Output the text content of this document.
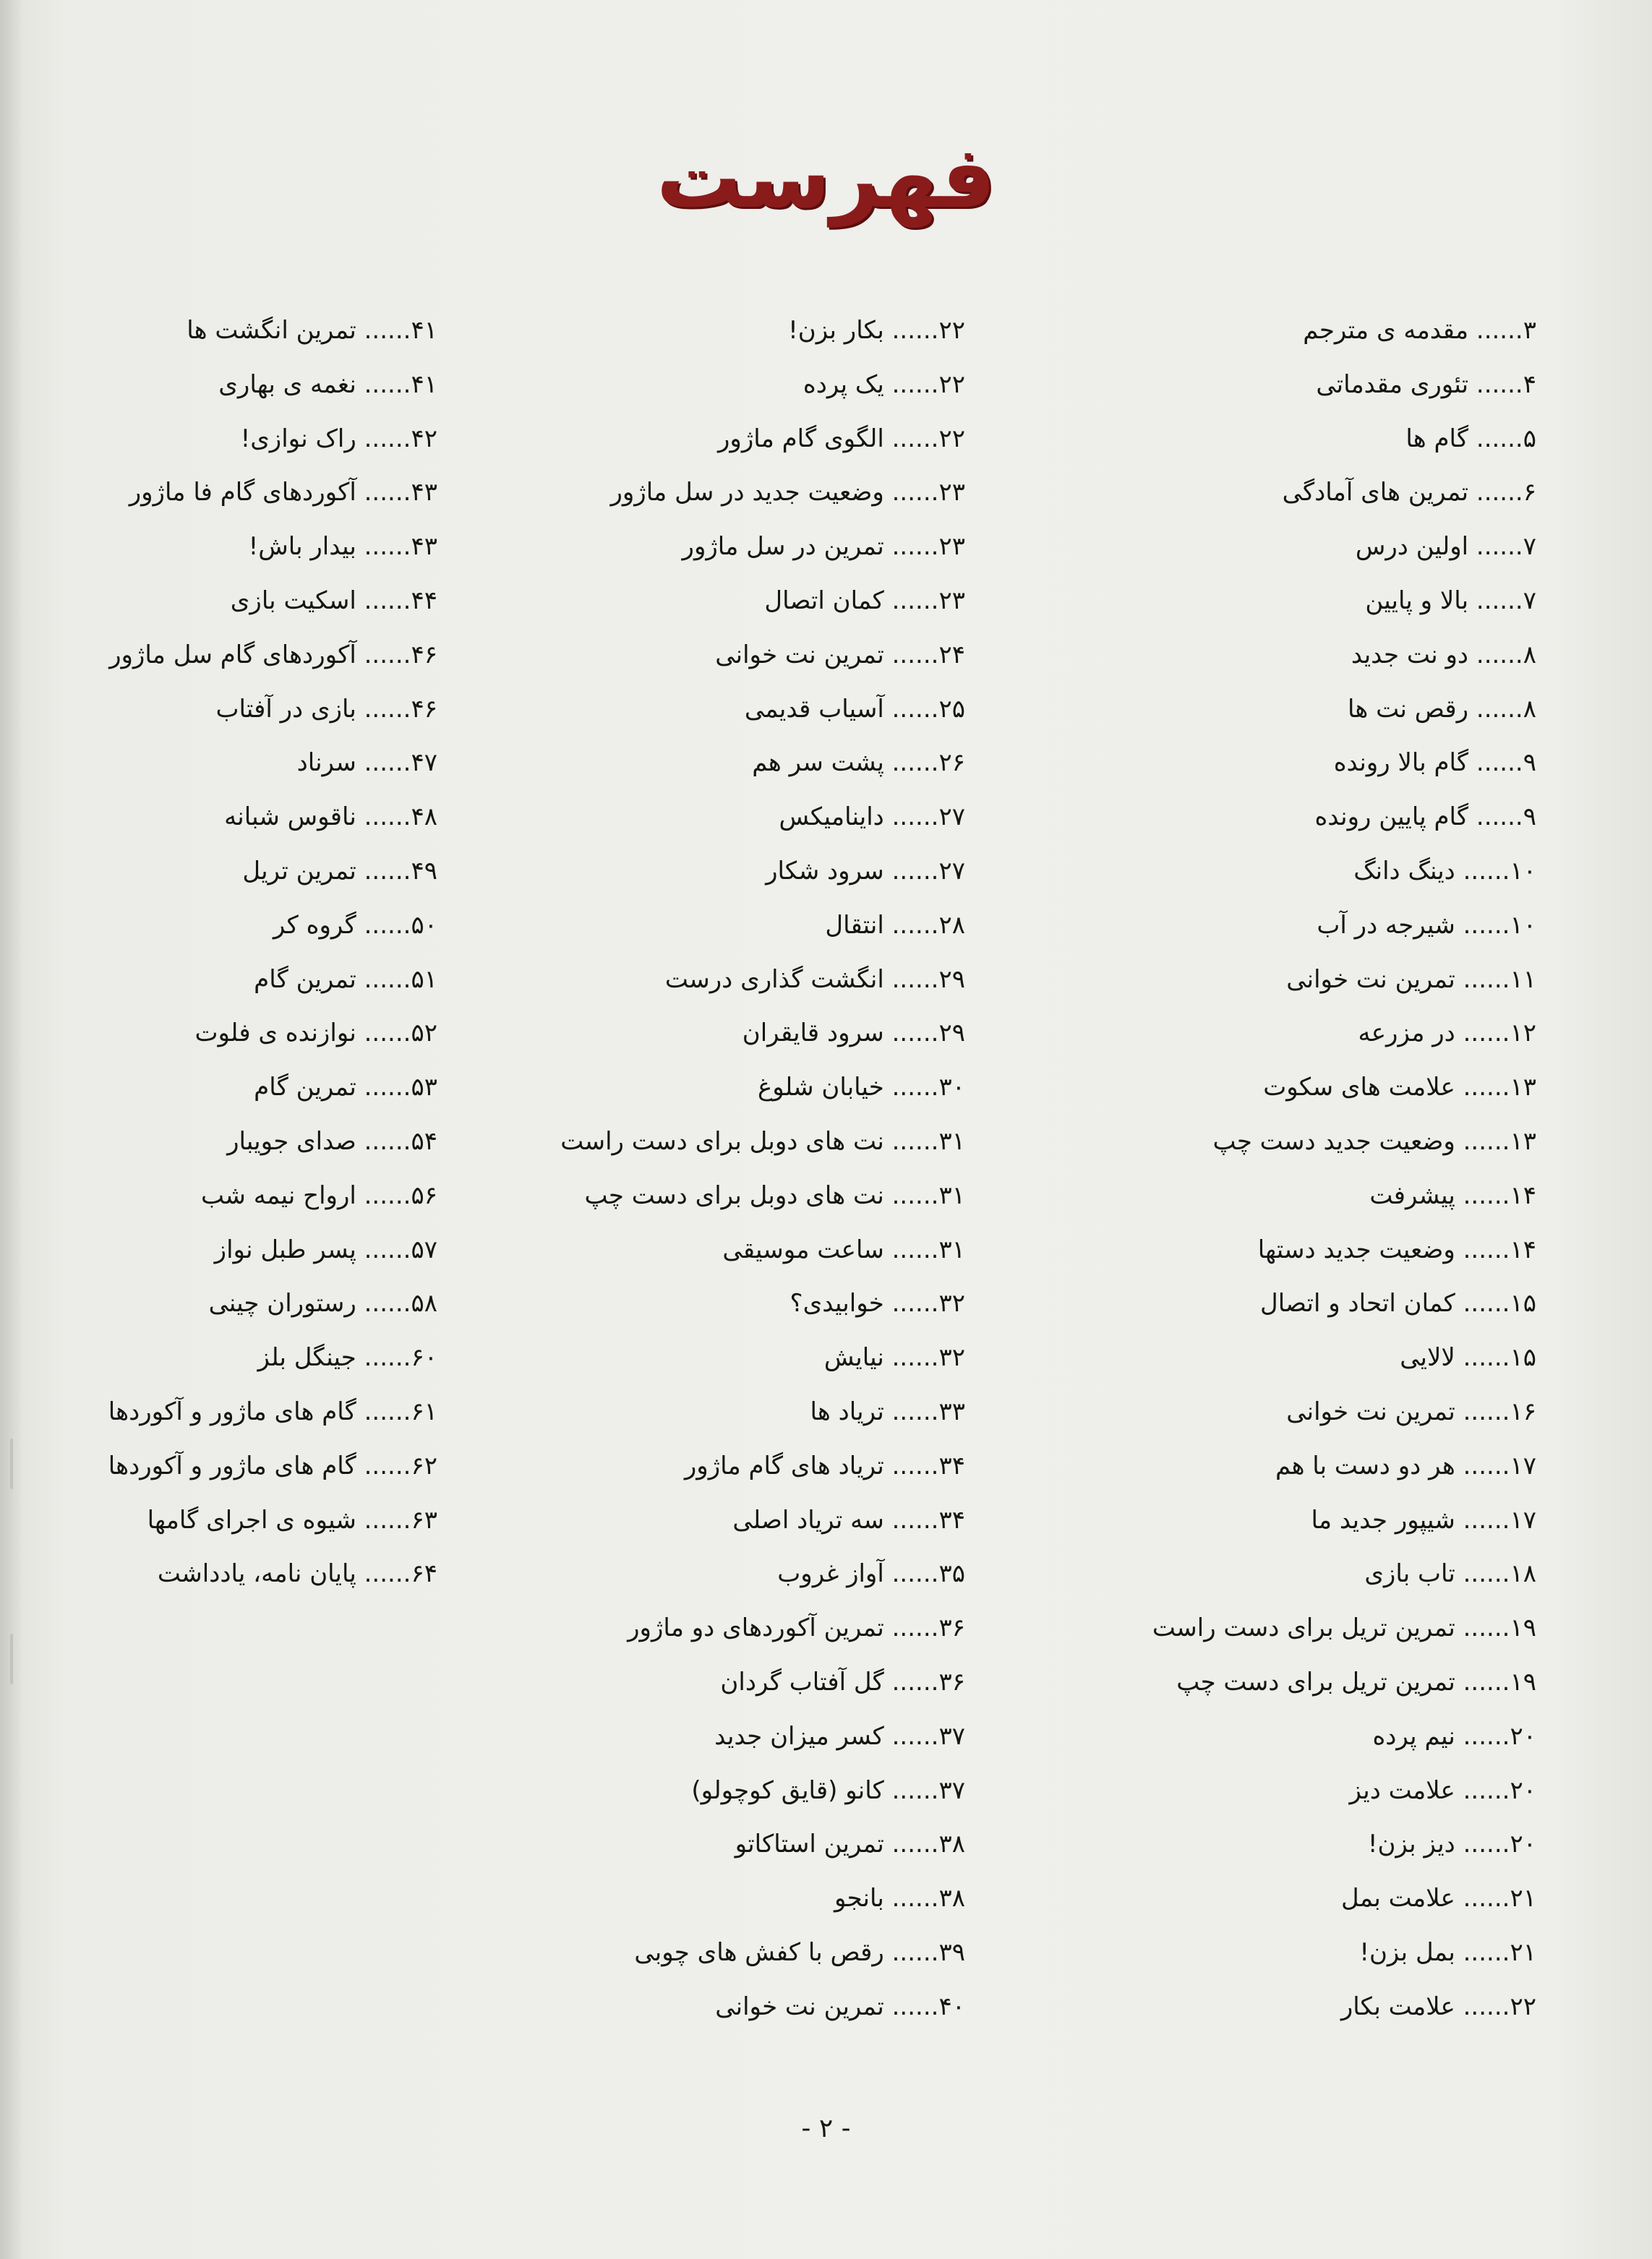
فهرست
۳...... مقدمه ی مترجم
۴...... تئوری مقدماتی
۵...... گام ها
۶...... تمرین های آمادگی
۷...... اولین درس
۷...... بالا و پایین
۸...... دو نت جدید
۸...... رقص نت ها
۹...... گام بالا رونده
۹...... گام پایین رونده
۱۰...... دینگ دانگ
۱۰...... شیرجه در آب
۱۱...... تمرین نت خوانی
۱۲...... در مزرعه
۱۳...... علامت های سکوت
۱۳...... وضعیت جدید دست چپ
۱۴...... پیشرفت
۱۴...... وضعیت جدید دستها
۱۵...... کمان اتحاد و اتصال
۱۵...... لالایی
۱۶...... تمرین نت خوانی
۱۷...... هر دو دست با هم
۱۷...... شیپور جدید ما
۱۸...... تاب بازی
۱۹...... تمرین تریل برای دست راست
۱۹...... تمرین تریل برای دست چپ
۲۰...... نیم پرده
۲۰...... علامت دیز
۲۰...... دیز بزن!
۲۱...... علامت بمل
۲۱...... بمل بزن!
۲۲...... علامت بکار
۲۲...... بکار بزن!
۲۲...... یک پرده
۲۲...... الگوی گام ماژور
۲۳...... وضعیت جدید در سل ماژور
۲۳...... تمرین در سل ماژور
۲۳...... کمان اتصال
۲۴...... تمرین نت خوانی
۲۵...... آسیاب قدیمی
۲۶...... پشت سر هم
۲۷...... داینامیکس
۲۷...... سرود شکار
۲۸...... انتقال
۲۹...... انگشت گذاری درست
۲۹...... سرود قایقران
۳۰...... خیابان شلوغ
۳۱...... نت های دوبل برای دست راست
۳۱...... نت های دوبل برای دست چپ
۳۱...... ساعت موسیقی
۳۲...... خوابیدی؟
۳۲...... نیایش
۳۳...... تریاد ها
۳۴...... تریاد های گام ماژور
۳۴...... سه تریاد اصلی
۳۵...... آواز غروب
۳۶...... تمرین آکوردهای دو ماژور
۳۶...... گل آفتاب گردان
۳۷...... کسر میزان جدید
۳۷...... کانو (قایق کوچولو)
۳۸...... تمرین استاکاتو
۳۸...... بانجو
۳۹...... رقص با کفش های چوبی
۴۰...... تمرین نت خوانی
۴۱...... تمرین انگشت ها
۴۱...... نغمه ی بهاری
۴۲...... راک نوازی!
۴۳...... آکوردهای گام فا ماژور
۴۳...... بیدار باش!
۴۴...... اسکیت بازی
۴۶...... آکوردهای گام سل ماژور
۴۶...... بازی در آفتاب
۴۷...... سرناد
۴۸...... ناقوس شبانه
۴۹...... تمرین تریل
۵۰...... گروه کر
۵۱...... تمرین گام
۵۲...... نوازنده ی فلوت
۵۳...... تمرین گام
۵۴...... صدای جویبار
۵۶...... ارواح نیمه شب
۵۷...... پسر طبل نواز
۵۸...... رستوران چینی
۶۰...... جینگل بلز
۶۱...... گام های ماژور و آکوردها
۶۲...... گام های ماژور و آکوردها
۶۳...... شیوه ی اجرای گامها
۶۴...... پایان نامه، یادداشت
- ۲ -
